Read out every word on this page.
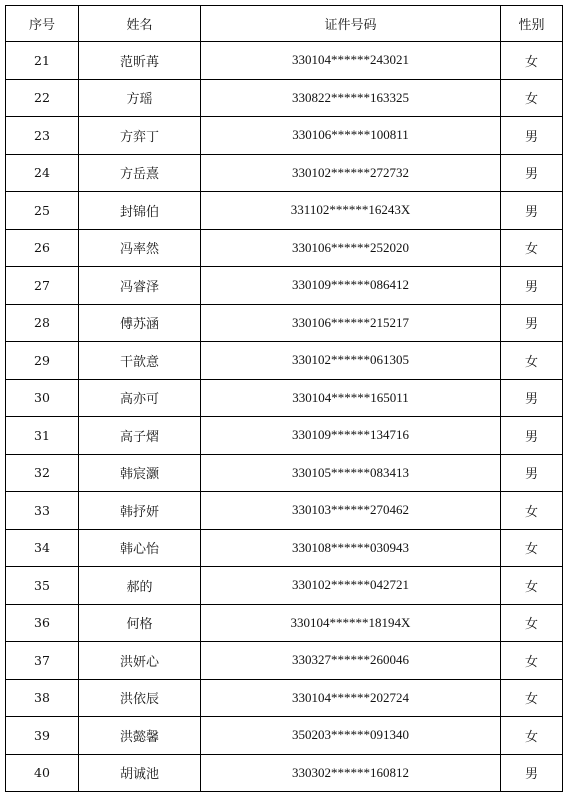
序号	姓名	证件号码	性别
21	范昕苒	330104******243021	女
22	方瑶	330822******163325	女
23	方弈丁	330106******100811	男
24	方岳熹	330102******272732	男
25	封锦伯	331102******16243X	男
26	冯率然	330106******252020	女
27	冯睿泽	330109******086412	男
28	傅苏涵	330106******215217	男
29	干歆意	330102******061305	女
30	高亦可	330104******165011	男
31	高子熠	330109******134716	男
32	韩宸灏	330105******083413	男
33	韩抒妍	330103******270462	女
34	韩心怡	330108******030943	女
35	郝的	330102******042721	女
36	何格	330104******18194X	女
37	洪妍心	330327******260046	女
38	洪依辰	330104******202724	女
39	洪懿馨	350203******091340	女
40	胡诚池	330302******160812	男
